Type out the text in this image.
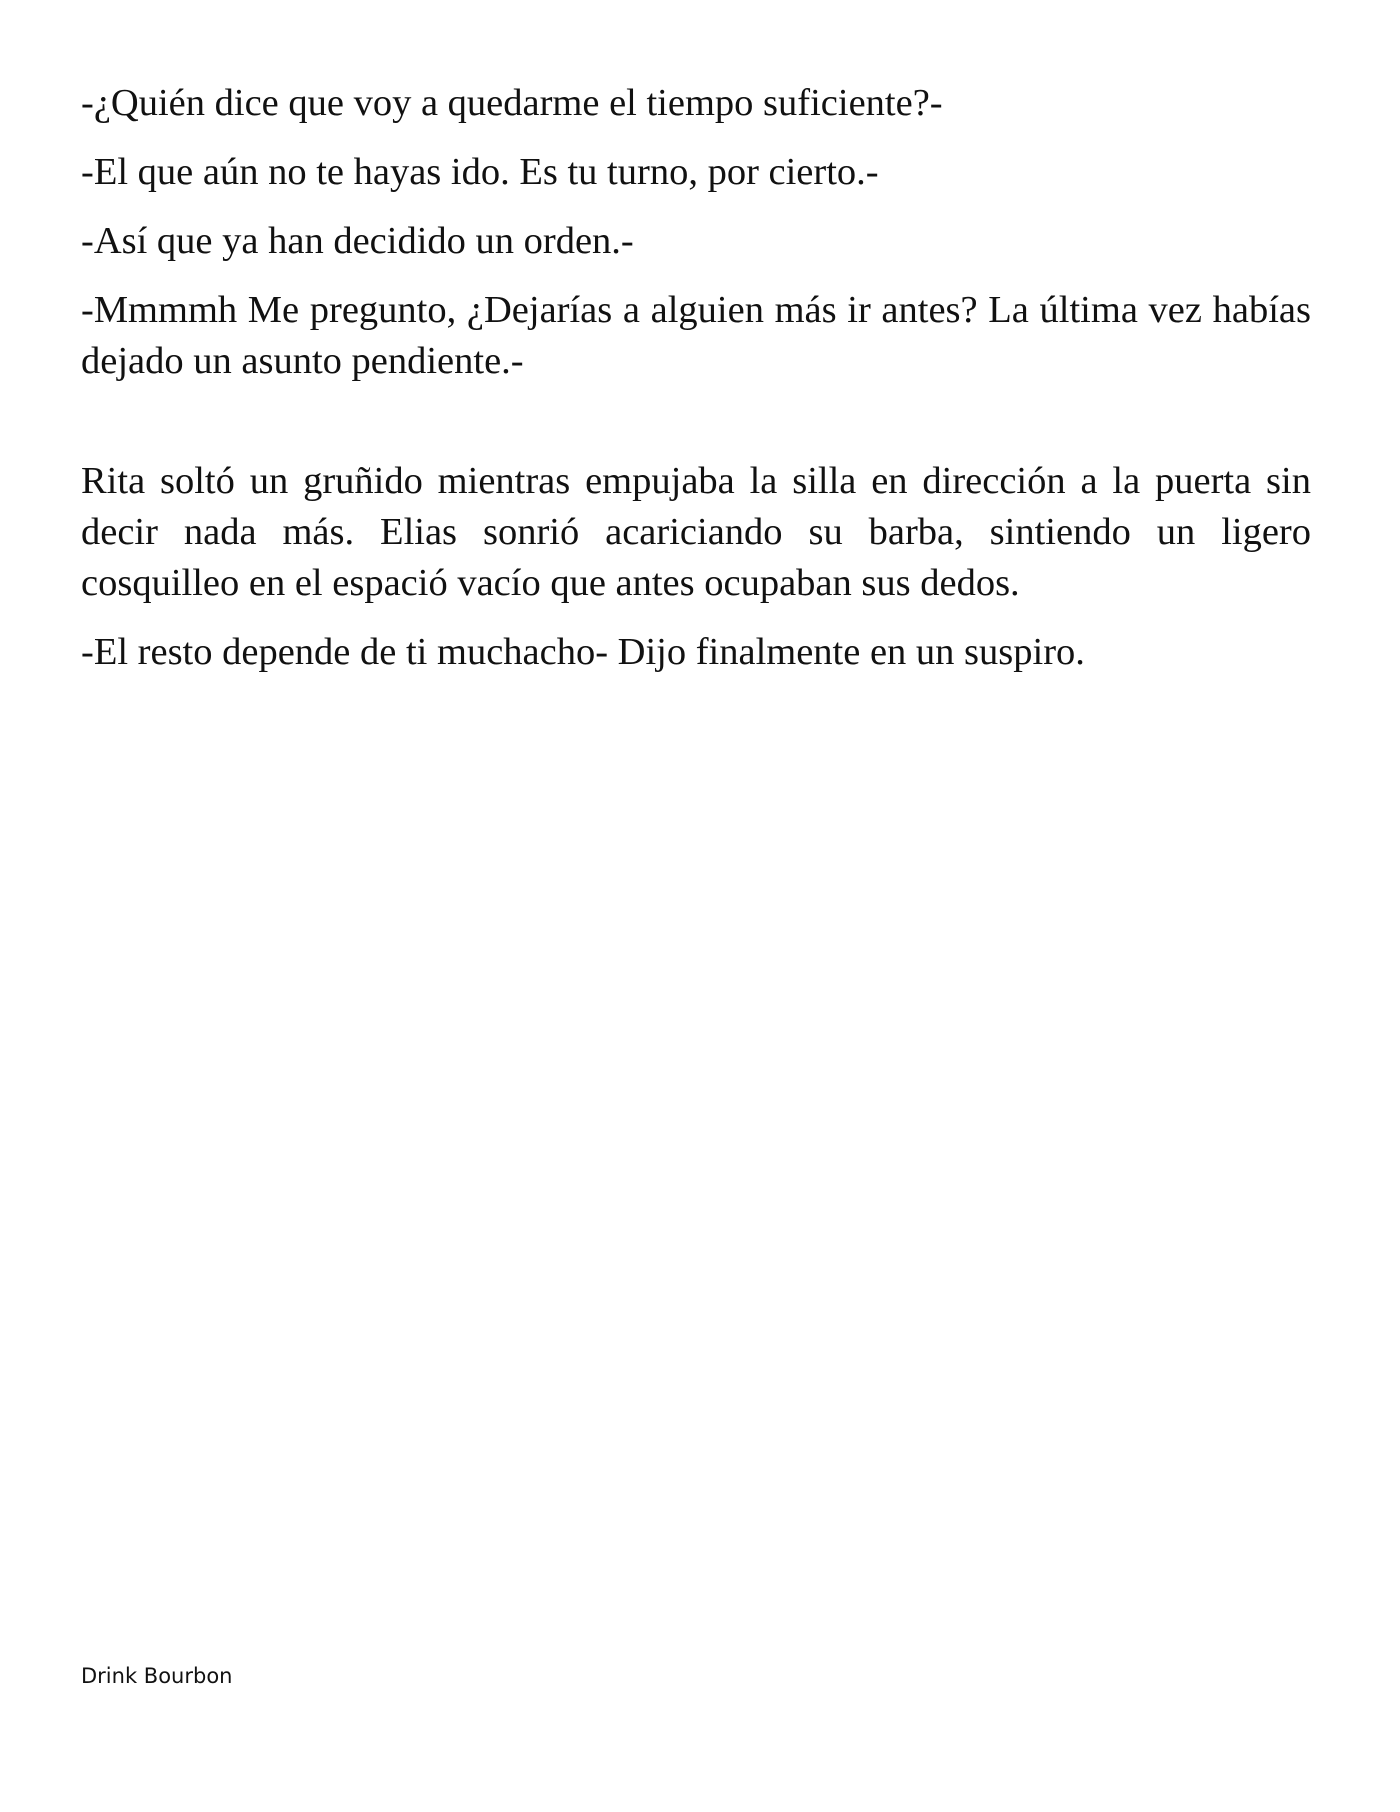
-¿Quién dice que voy a quedarme el tiempo suficiente?-

-El que aún no te hayas ido. Es tu turno, por cierto.-

-Así que ya han decidido un orden.-

-Mmmmh Me pregunto, ¿Dejarías a alguien más ir antes? La última vez habías dejado un asunto pendiente.-

Rita soltó un gruñido mientras empujaba la silla en dirección a la puerta sin decir nada más. Elias sonrió acariciando su barba, sintiendo un ligero cosquilleo en el espació vacío que antes ocupaban sus dedos.

-El resto depende de ti muchacho- Dijo finalmente en un suspiro.

Drink Bourbon
